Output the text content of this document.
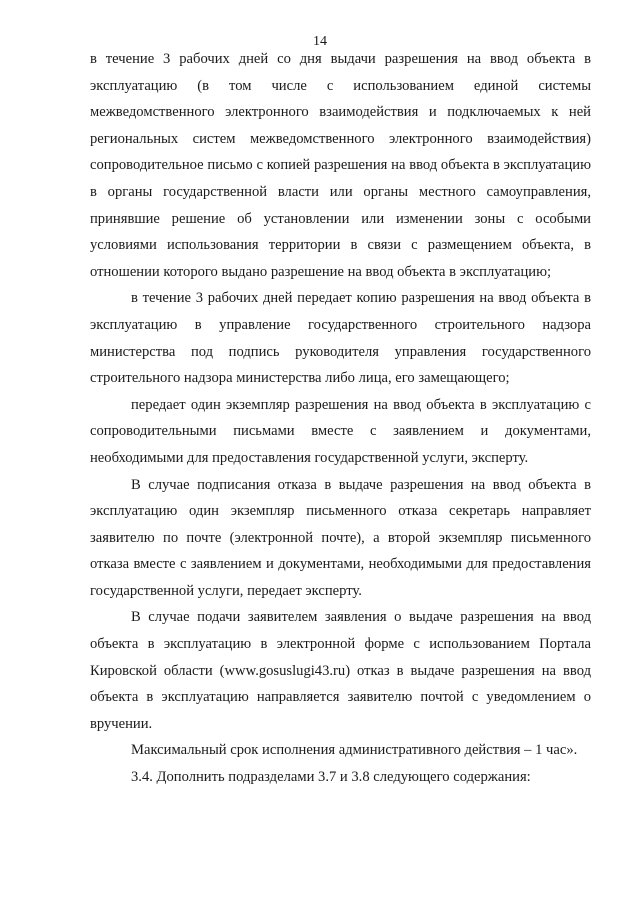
14

в течение 3 рабочих дней со дня выдачи разрешения на ввод объекта в эксплуатацию (в том числе с использованием единой системы межведомственного электронного взаимодействия и подключаемых к ней региональных систем межведомственного электронного взаимодействия) сопроводительное письмо с копией разрешения на ввод объекта в эксплуатацию в органы государственной власти или органы местного самоуправления, принявшие решение об установлении или изменении зоны с особыми условиями использования территории в связи с размещением объекта, в отношении которого выдано разрешение на ввод объекта в эксплуатацию;

в течение 3 рабочих дней передает копию разрешения на ввод объекта в эксплуатацию в управление государственного строительного надзора министерства под подпись руководителя управления государственного строительного надзора министерства либо лица, его замещающего;

передает один экземпляр разрешения на ввод объекта в эксплуатацию с сопроводительными письмами вместе с заявлением и документами, необходимыми для предоставления государственной услуги, эксперту.

В случае подписания отказа в выдаче разрешения на ввод объекта в эксплуатацию один экземпляр письменного отказа секретарь направляет заявителю по почте (электронной почте), а второй экземпляр письменного отказа вместе с заявлением и документами, необходимыми для предоставления государственной услуги, передает эксперту.

В случае подачи заявителем заявления о выдаче разрешения на ввод объекта в эксплуатацию в электронной форме с использованием Портала Кировской области (www.gosuslugi43.ru) отказ в выдаче разрешения на ввод объекта в эксплуатацию направляется заявителю почтой с уведомлением о вручении.

Максимальный срок исполнения административного действия – 1 час».

3.4. Дополнить подразделами 3.7 и 3.8 следующего содержания:
